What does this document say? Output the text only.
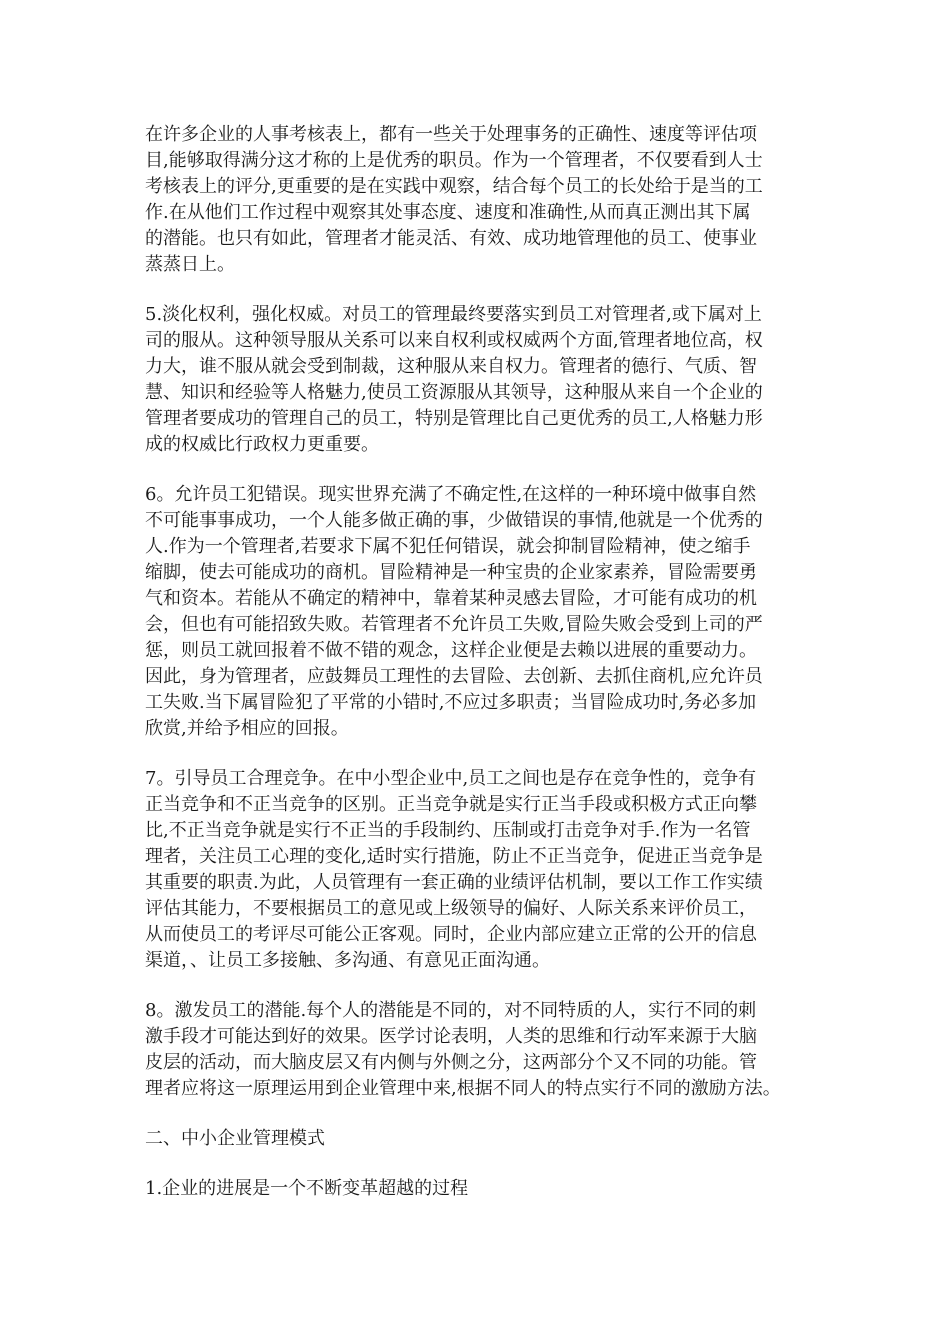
在许多企业的人事考核表上，都有一些关于处理事务的正确性、速度等评估项
目,能够取得满分这才称的上是优秀的职员。作为一个管理者，不仅要看到人士
考核表上的评分,更重要的是在实践中观察，结合每个员工的长处给于是当的工
作.在从他们工作过程中观察其处事态度、速度和准确性,从而真正测出其下属
的潜能。也只有如此，管理者才能灵活、有效、成功地管理他的员工、使事业
蒸蒸日上。

5.淡化权利，强化权威。对员工的管理最终要落实到员工对管理者,或下属对上
司的服从。这种领导服从关系可以来自权利或权威两个方面,管理者地位高，权
力大，谁不服从就会受到制裁，这种服从来自权力。管理者的德行、气质、智
慧、知识和经验等人格魅力,使员工资源服从其领导，这种服从来自一个企业的
管理者要成功的管理自己的员工，特别是管理比自己更优秀的员工,人格魅力形
成的权威比行政权力更重要。

6。允许员工犯错误。现实世界充满了不确定性,在这样的一种环境中做事自然
不可能事事成功，一个人能多做正确的事，少做错误的事情,他就是一个优秀的
人.作为一个管理者,若要求下属不犯任何错误，就会抑制冒险精神，使之缩手
缩脚，使去可能成功的商机。冒险精神是一种宝贵的企业家素养，冒险需要勇
气和资本。若能从不确定的精神中，靠着某种灵感去冒险，才可能有成功的机
会，但也有可能招致失败。若管理者不允许员工失败,冒险失败会受到上司的严
惩，则员工就回报着不做不错的观念，这样企业便是去赖以进展的重要动力。
因此，身为管理者，应鼓舞员工理性的去冒险、去创新、去抓住商机,应允许员
工失败.当下属冒险犯了平常的小错时,不应过多职责；当冒险成功时,务必多加
欣赏,并给予相应的回报。

7。引导员工合理竞争。在中小型企业中,员工之间也是存在竞争性的，竞争有
正当竞争和不正当竞争的区别。正当竞争就是实行正当手段或积极方式正向攀
比,不正当竞争就是实行不正当的手段制约、压制或打击竞争对手.作为一名管
理者，关注员工心理的变化,适时实行措施，防止不正当竞争，促进正当竞争是
其重要的职责.为此，人员管理有一套正确的业绩评估机制，要以工作工作实绩
评估其能力，不要根据员工的意见或上级领导的偏好、人际关系来评价员工，
从而使员工的考评尽可能公正客观。同时，企业内部应建立正常的公开的信息
渠道，、让员工多接触、多沟通、有意见正面沟通。

8。激发员工的潜能.每个人的潜能是不同的，对不同特质的人，实行不同的刺
激手段才可能达到好的效果。医学讨论表明，人类的思维和行动军来源于大脑
皮层的活动，而大脑皮层又有内侧与外侧之分，这两部分个又不同的功能。管
理者应将这一原理运用到企业管理中来,根据不同人的特点实行不同的激励方法。

二、中小企业管理模式

1.企业的进展是一个不断变革超越的过程
